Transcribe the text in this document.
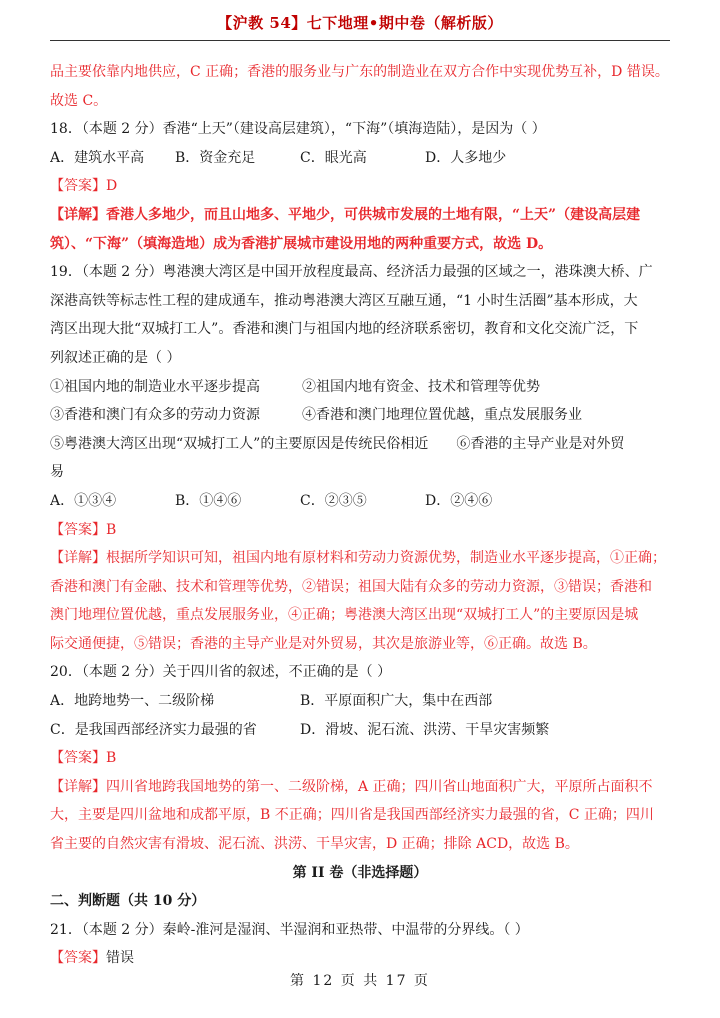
【沪教 54】七下地理•期中卷（解析版）
品主要依靠内地供应，C 正确；香港的服务业与广东的制造业在双方合作中实现优势互补，D 错误。
故选 C。
18．（本题 2 分）香港“上天”（建设高层建筑），“下海”（填海造陆），是因为（ ）
A．建筑水平高	B．资金充足	C．眼光高	D．人多地少
【答案】D
【详解】香港人多地少，而且山地多、平地少，可供城市发展的土地有限，“上天”（建设高层建
筑）、“下海”（填海造地）成为香港扩展城市建设用地的两种重要方式，故选 D。
19．（本题 2 分）粤港澳大湾区是中国开放程度最高、经济活力最强的区域之一，港珠澳大桥、广
深港高铁等标志性工程的建成通车，推动粤港澳大湾区互融互通，“1 小时生活圈”基本形成，大
湾区出现大批“双城打工人”。香港和澳门与祖国内地的经济联系密切，教育和文化交流广泛，下
列叙述正确的是（ ）
①祖国内地的制造业水平逐步提高	②祖国内地有资金、技术和管理等优势
③香港和澳门有众多的劳动力资源	④香港和澳门地理位置优越，重点发展服务业
⑤粤港澳大湾区出现“双城打工人”的主要原因是传统民俗相近   ⑥香港的主导产业是对外贸
易
A．①③④	B．①④⑥	C．②③⑤	D．②④⑥
【答案】B
【详解】根据所学知识可知，祖国内地有原材料和劳动力资源优势，制造业水平逐步提高，①正确；
香港和澳门有金融、技术和管理等优势，②错误；祖国大陆有众多的劳动力资源，③错误；香港和
澳门地理位置优越，重点发展服务业，④正确；粤港澳大湾区出现“双城打工人”的主要原因是城
际交通便捷，⑤错误；香港的主导产业是对外贸易，其次是旅游业等，⑥正确。故选 B。
20．（本题 2 分）关于四川省的叙述，不正确的是（ ）
A．地跨地势一、二级阶梯	B．平原面积广大，集中在西部
C．是我国西部经济实力最强的省	D．滑坡、泥石流、洪涝、干旱灾害频繁
【答案】B
【详解】四川省地跨我国地势的第一、二级阶梯，A 正确；四川省山地面积广大，平原所占面积不
大，主要是四川盆地和成都平原，B 不正确；四川省是我国西部经济实力最强的省，C 正确；四川
省主要的自然灾害有滑坡、泥石流、洪涝、干旱灾害，D 正确；排除 ACD，故选 B。
第 II 卷（非选择题）
二、判断题（共 10 分）
21．（本题 2 分）秦岭-淮河是湿润、半湿润和亚热带、中温带的分界线。（ ）
【答案】错误
第 12 页 共 17 页
